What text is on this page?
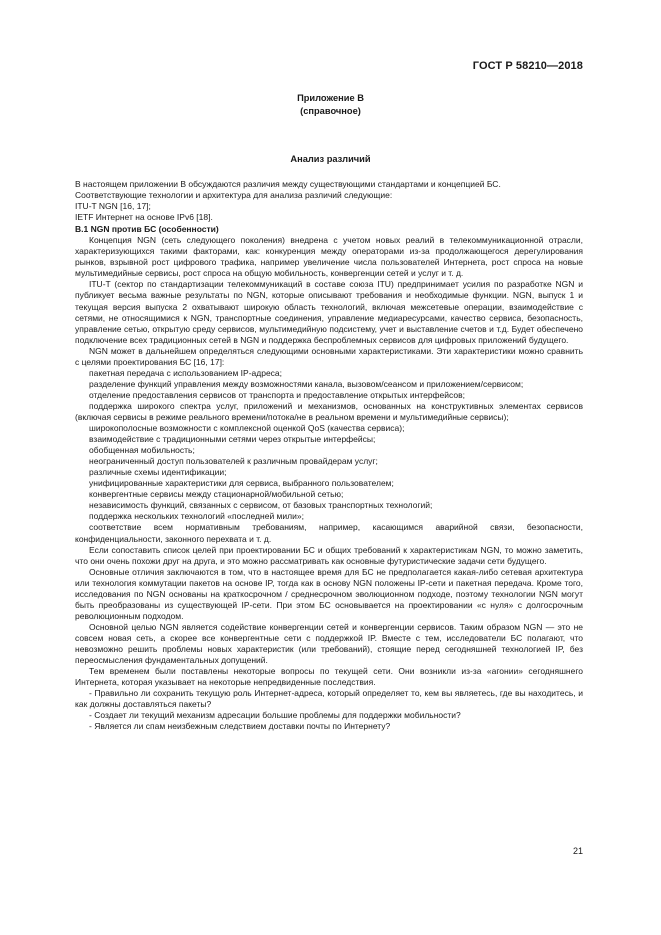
ГОСТ Р 58210—2018
Приложение В
(справочное)
Анализ различий

В настоящем приложении В обсуждаются различия между существующими стандартами и концепцией БС.

Соответствующие технологии и архитектура для анализа различий следующие:

ITU-T NGN [16, 17];

IETF Интернет на основе IPv6 [18].

В.1 NGN против БС (особенности)

Концепция NGN (сеть следующего поколения) внедрена с учетом новых реалий в телекоммуникационной отрасли, характеризующихся такими факторами, как: конкуренция между операторами из-за продолжающегося дерегулирования рынков, взрывной рост цифрового трафика, например увеличение числа пользователей Интернета, рост спроса на новые мультимедийные сервисы, рост спроса на общую мобильность, конвергенции сетей и услуг и т. д.

ITU-T (сектор по стандартизации телекоммуникаций в составе союза ITU) предпринимает усилия по разработке NGN и публикует весьма важные результаты по NGN, которые описывают требования и необходимые функции. NGN, выпуск 1 и текущая версия выпуска 2 охватывают широкую область технологий, включая межсетевые операции, взаимодействие с сетями, не относящимися к NGN, транспортные соединения, управление медиаресурсами, качество сервиса, безопасность, управление сетью, открытую среду сервисов, мультимедийную подсистему, учет и выставление счетов и т.д. Будет обеспечено подключение всех традиционных сетей в NGN и поддержка беспроблемных сервисов для цифровых приложений будущего.

NGN может в дальнейшем определяться следующими основными характеристиками. Эти характеристики можно сравнить с целями проектирования БС [16, 17]:

пакетная передача с использованием IP-адреса;

разделение функций управления между возможностями канала, вызовом/сеансом и приложением/сервисом;

отделение предоставления сервисов от транспорта и предоставление открытых интерфейсов;

поддержка широкого спектра услуг, приложений и механизмов, основанных на конструктивных элементах сервисов (включая сервисы в режиме реального времени/потока/не в реальном времени и мультимедийные сервисы);

широкополосные возможности с комплексной оценкой QoS (качества сервиса);

взаимодействие с традиционными сетями через открытые интерфейсы;

обобщенная мобильность;

неограниченный доступ пользователей к различным провайдерам услуг;

различные схемы идентификации;

унифицированные характеристики для сервиса, выбранного пользователем;

конвергентные сервисы между стационарной/мобильной сетью;

независимость функций, связанных с сервисом, от базовых транспортных технологий;

поддержка нескольких технологий «последней мили»;

соответствие всем нормативным требованиям, например, касающимся аварийной связи, безопасности, конфиденциальности, законного перехвата и т. д.

Если сопоставить список целей при проектировании БС и общих требований к характеристикам NGN, то можно заметить, что они очень похожи друг на друга, и это можно рассматривать как основные футуристические задачи сети будущего.

Основные отличия заключаются в том, что в настоящее время для БС не предполагается какая-либо сетевая архитектура или технология коммутации пакетов на основе IP, тогда как в основу NGN положены IP-сети и пакетная передача. Кроме того, исследования по NGN основаны на краткосрочном / среднесрочном эволюционном подходе, поэтому технологии NGN могут быть преобразованы из существующей IP-сети. При этом БС основывается на проектировании «с нуля» с долгосрочным революционным подходом.

Основной целью NGN является содействие конвергенции сетей и конвергенции сервисов. Таким образом NGN — это не совсем новая сеть, а скорее все конвергентные сети с поддержкой IP. Вместе с тем, исследователи БС полагают, что невозможно решить проблемы новых характеристик (или требований), стоящие перед сегодняшней технологией IP, без переосмысления фундаментальных допущений.

Тем временем были поставлены некоторые вопросы по текущей сети. Они возникли из-за «агонии» сегодняшнего Интернета, которая указывает на некоторые непредвиденные последствия.

- Правильно ли сохранить текущую роль Интернет-адреса, который определяет то, кем вы являетесь, где вы находитесь, и как должны доставляться пакеты?

- Создает ли текущий механизм адресации большие проблемы для поддержки мобильности?

- Является ли спам неизбежным следствием доставки почты по Интернету?

21
